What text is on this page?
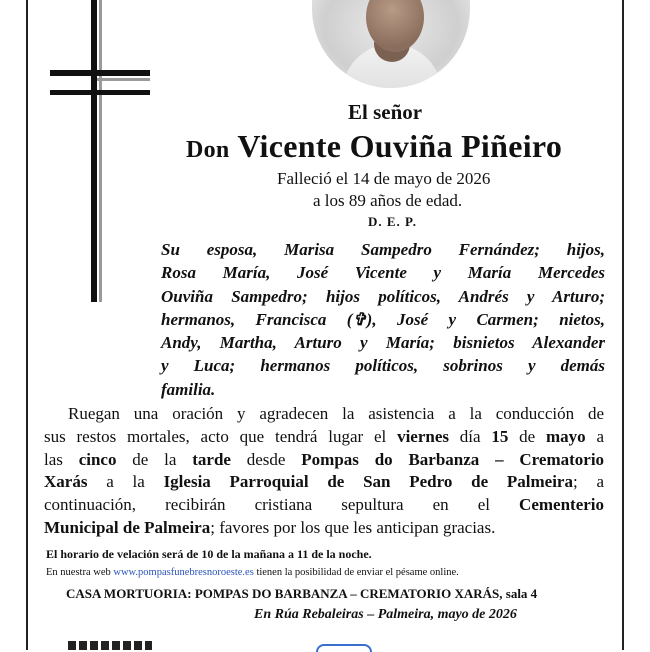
El señor
Don Vicente Ouviña Piñeiro
Falleció el 14 de mayo de 2026
a los 89 años de edad.
D. E. P.
Su esposa, Marisa Sampedro Fernández; hijos,
Rosa María, José Vicente y María Mercedes
Ouviña Sampedro; hijos políticos, Andrés y Arturo;
hermanos, Francisca (✞), José y Carmen; nietos,
Andy, Martha, Arturo y María; bisnietos Alexander
y Luca; hermanos políticos, sobrinos y demás
familia.
Ruegan una oración y agradecen la asistencia a la conducción de
sus restos mortales, acto que tendrá lugar el viernes día 15 de mayo a
las cinco de la tarde desde Pompas do Barbanza – Crematorio
Xarás a la Iglesia Parroquial de San Pedro de Palmeira; a
continuación, recibirán cristiana sepultura en el Cementerio
Municipal de Palmeira; favores por los que les anticipan gracias.
El horario de velación será de 10 de la mañana a 11 de la noche.
En nuestra web www.pompasfunebresnoroeste.es tienen la posibilidad de enviar el pésame online.
CASA MORTUORIA: POMPAS DO BARBANZA – CREMATORIO XARÁS, sala 4
En Rúa Rebaleiras – Palmeira, mayo de 2026
